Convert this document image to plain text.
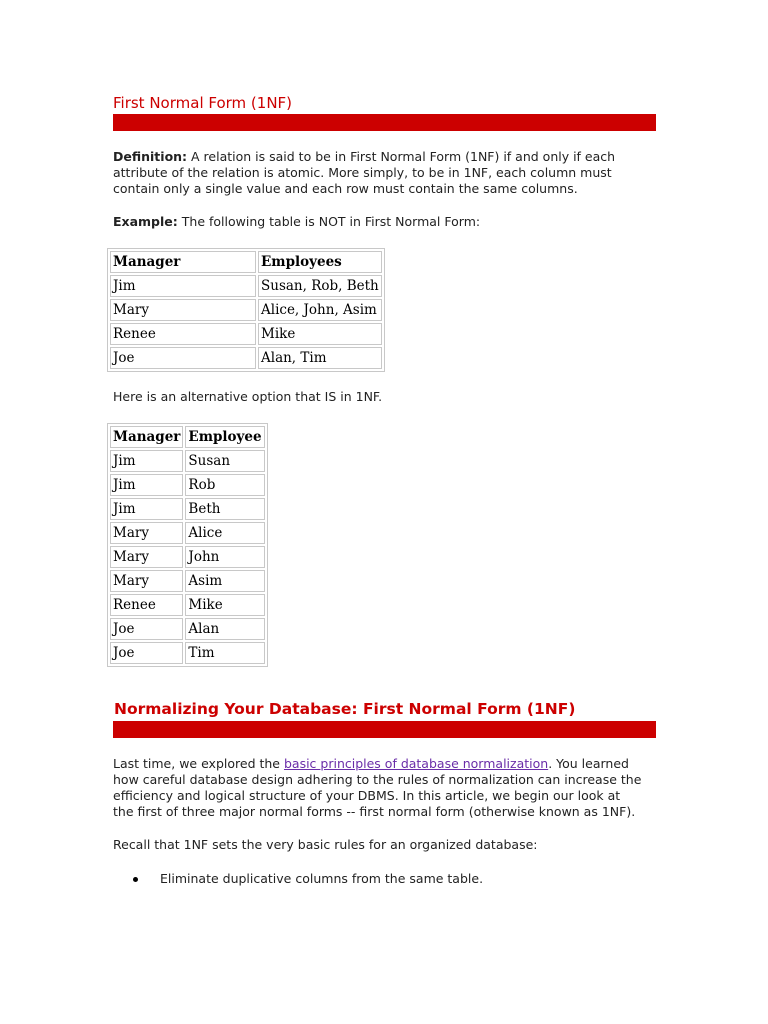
First Normal Form (1NF)
Definition: A relation is said to be in First Normal Form (1NF) if and only if each
attribute of the relation is atomic. More simply, to be in 1NF, each column must
contain only a single value and each row must contain the same columns.
Example: The following table is NOT in First Normal Form:
Manager	Employees
Jim	Susan, Rob, Beth
Mary	Alice, John, Asim
Renee	Mike
Joe	Alan, Tim
Here is an alternative option that IS in 1NF.
Manager	Employee
Jim	Susan
Jim	Rob
Jim	Beth
Mary	Alice
Mary	John
Mary	Asim
Renee	Mike
Joe	Alan
Joe	Tim
Normalizing Your Database: First Normal Form (1NF)
Last time, we explored the basic principles of database normalization. You learned
how careful database design adhering to the rules of normalization can increase the
efficiency and logical structure of your DBMS. In this article, we begin our look at
the first of three major normal forms -- first normal form (otherwise known as 1NF).
Recall that 1NF sets the very basic rules for an organized database:
Eliminate duplicative columns from the same table.
